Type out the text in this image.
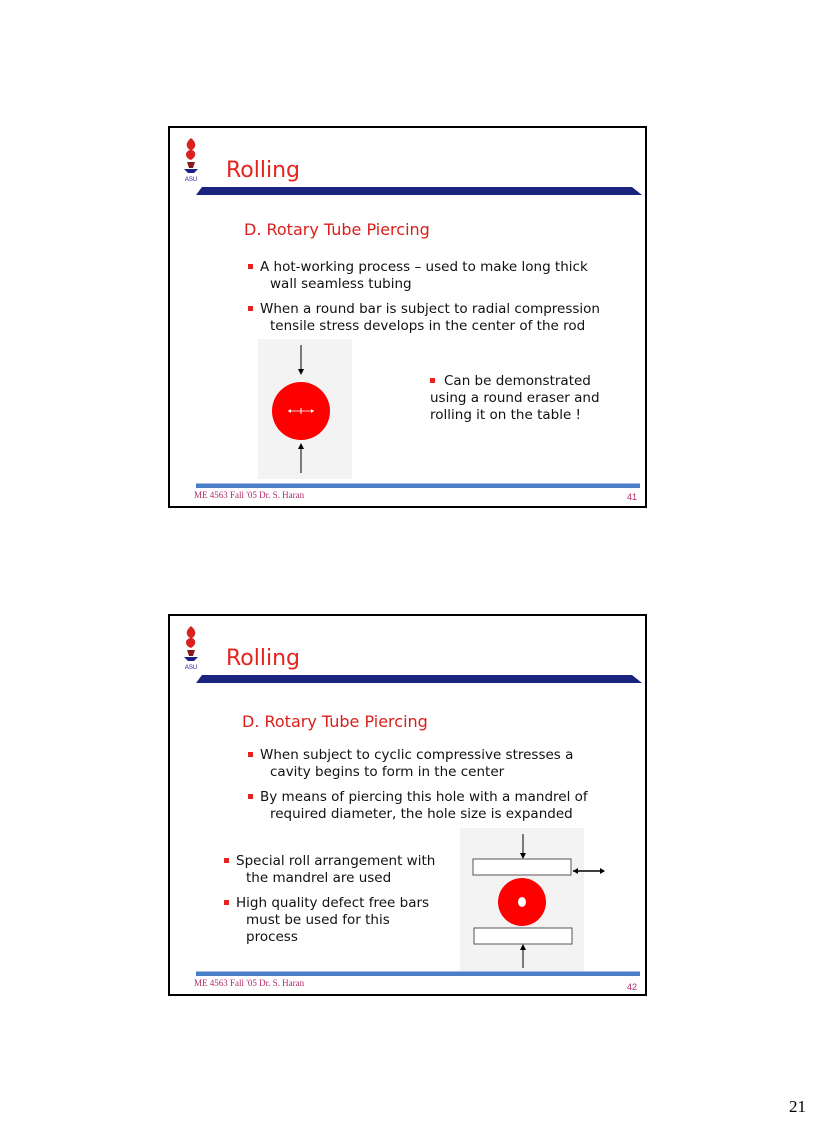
ASU Rolling
D. Rotary Tube Piercing
A hot-working process – used to make long thick
wall seamless tubing
When a round bar is subject to radial compression
tensile stress develops in the center of the rod
Can be demonstrated
using a round eraser and
rolling it on the table !
ME 4563 Fall '05 Dr. S. Haran	41
ASU Rolling
D. Rotary Tube Piercing
When subject to cyclic compressive stresses a
cavity begins to form in the center
By means of piercing this hole with a mandrel of
required diameter, the hole size is expanded
Special roll arrangement with
the mandrel are used
High quality defect free bars
must be used for this
process
ME 4563 Fall '05 Dr. S. Haran	42
21
